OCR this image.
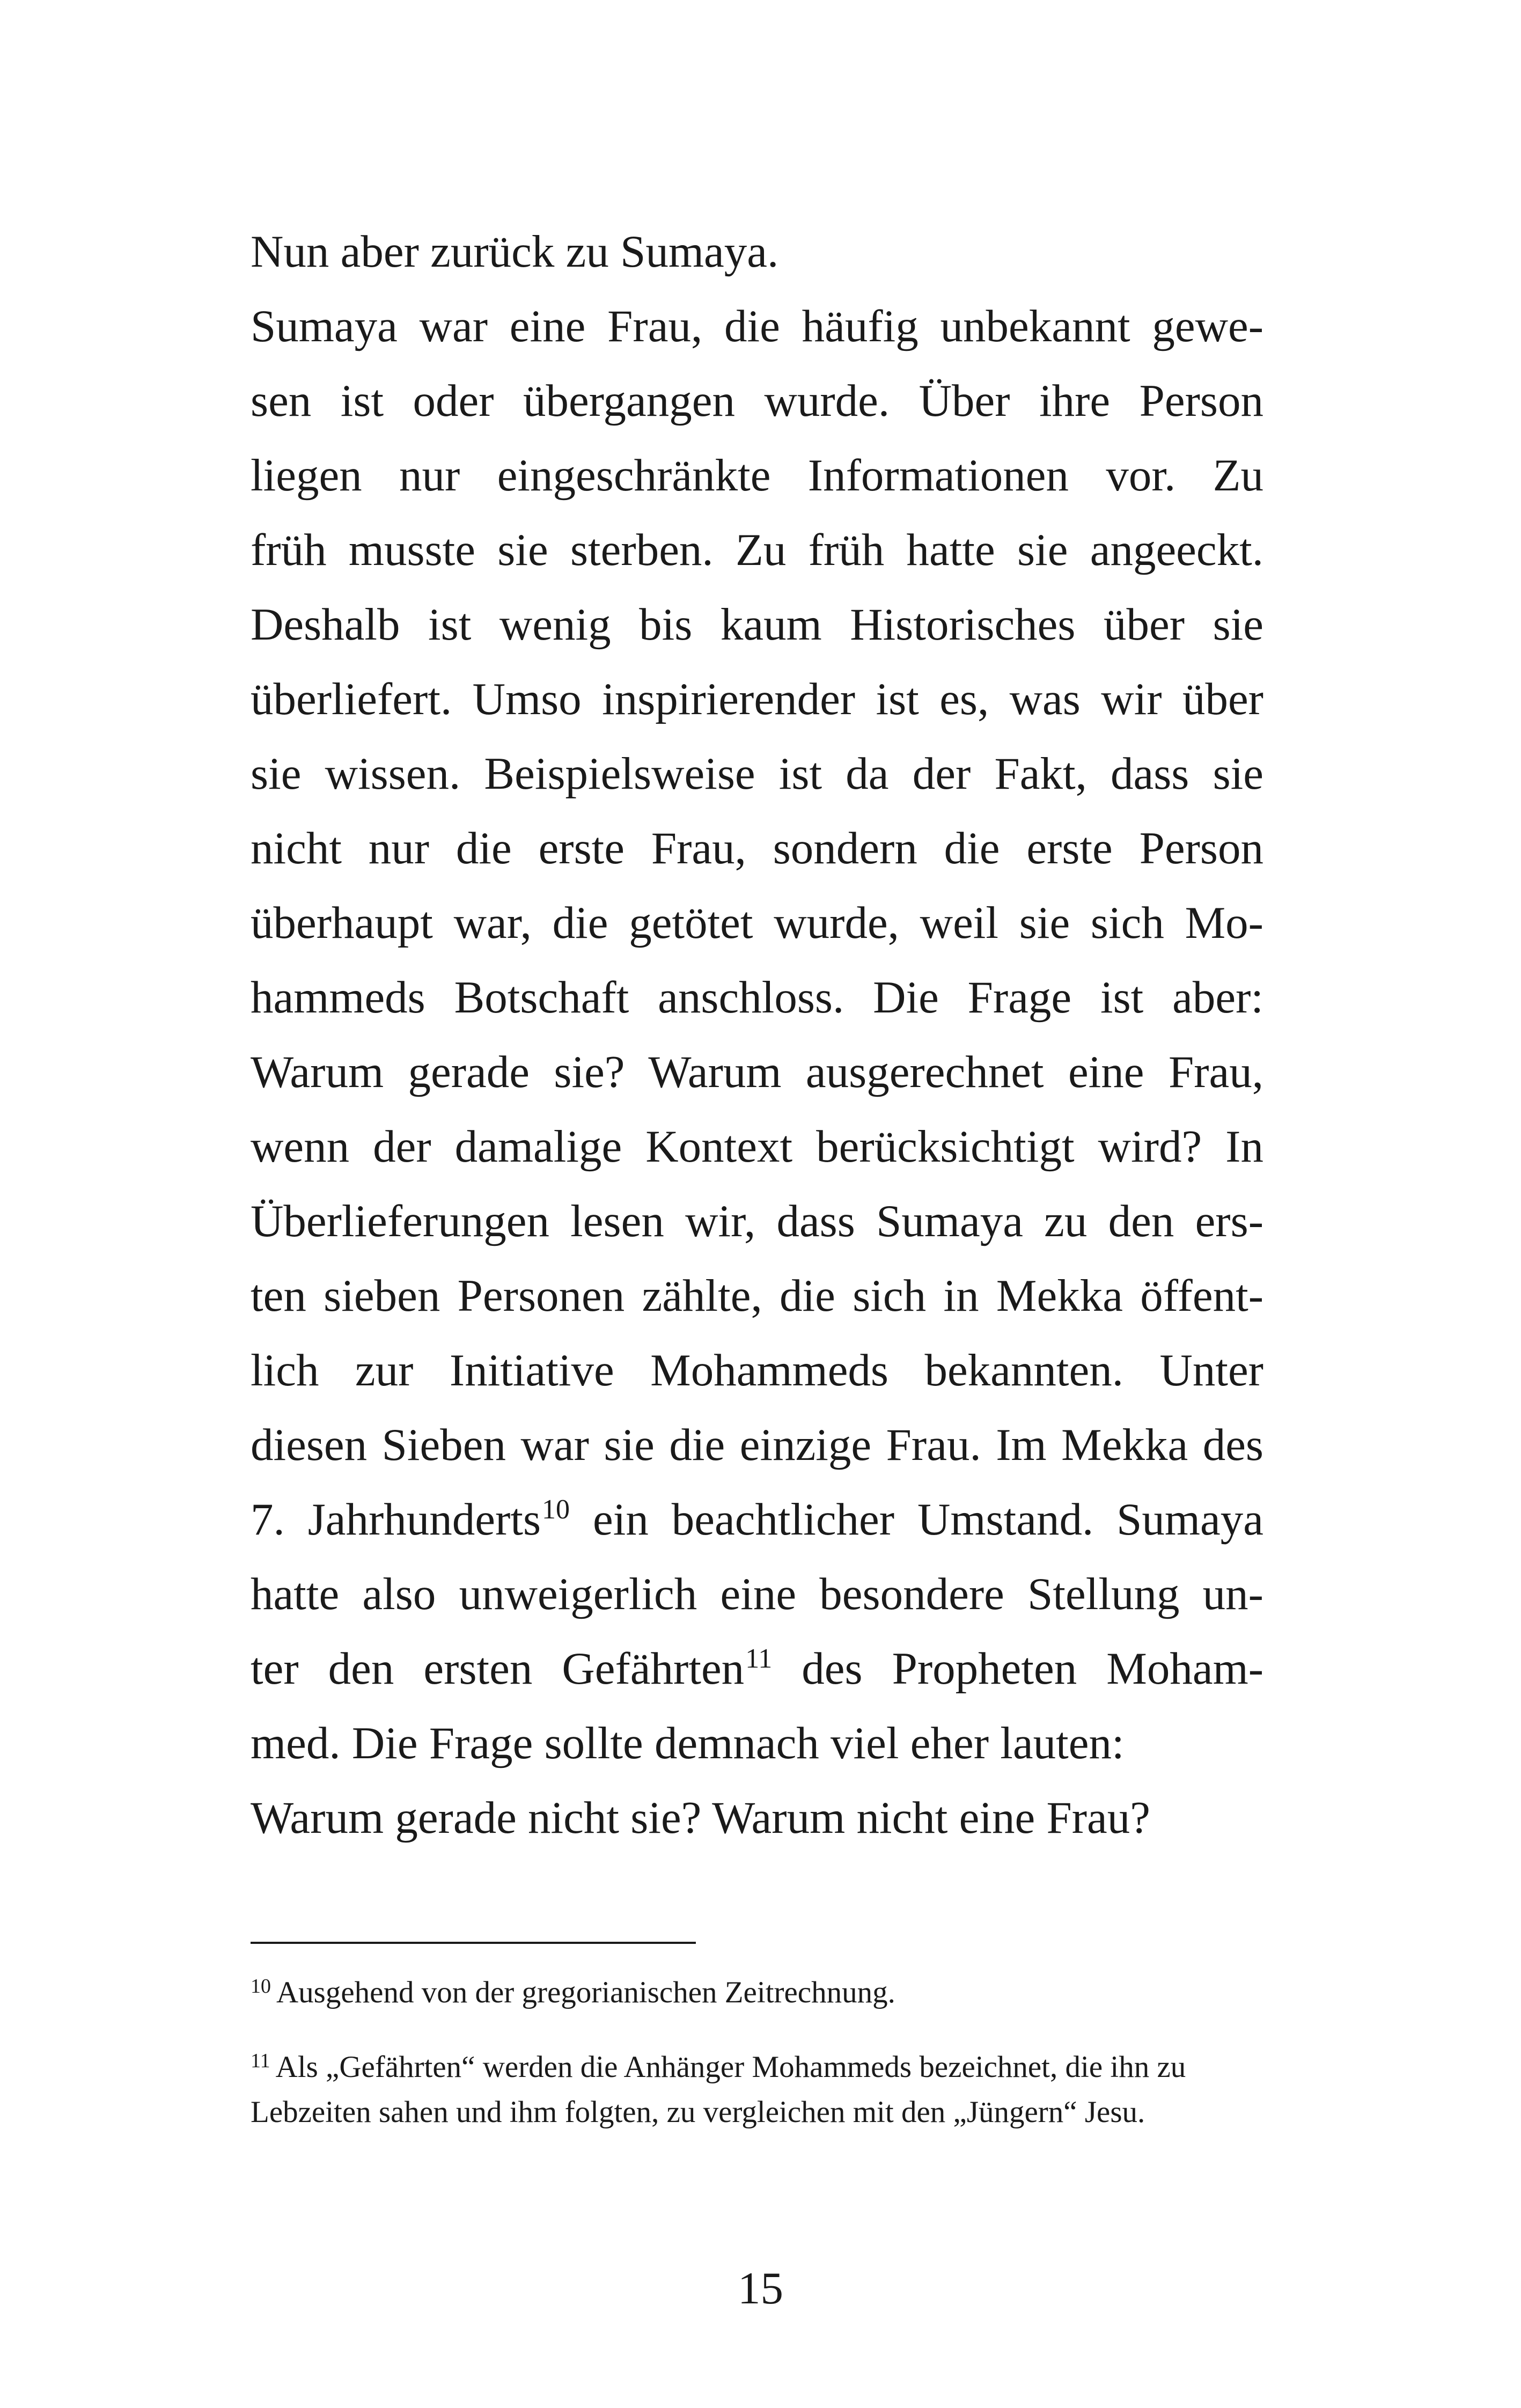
Nun aber zurück zu Sumaya.
Sumaya war eine Frau, die häufig unbekannt gewe-
sen ist oder übergangen wurde. Über ihre Person
liegen nur eingeschränkte Informationen vor. Zu
früh musste sie sterben. Zu früh hatte sie angeeckt.
Deshalb ist wenig bis kaum Historisches über sie
überliefert. Umso inspirierender ist es, was wir über
sie wissen. Beispielsweise ist da der Fakt, dass sie
nicht nur die erste Frau, sondern die erste Person
überhaupt war, die getötet wurde, weil sie sich Mo-
hammeds Botschaft anschloss. Die Frage ist aber:
Warum gerade sie? Warum ausgerechnet eine Frau,
wenn der damalige Kontext berücksichtigt wird? In
Überlieferungen lesen wir, dass Sumaya zu den ers-
ten sieben Personen zählte, die sich in Mekka öffent-
lich zur Initiative Mohammeds bekannten. Unter
diesen Sieben war sie die einzige Frau. Im Mekka des
7. Jahrhunderts$^{10}$ ein beachtlicher Umstand. Sumaya
hatte also unweigerlich eine besondere Stellung un-
ter den ersten Gefährten$^{11}$ des Propheten Moham-
med. Die Frage sollte demnach viel eher lauten:
Warum gerade nicht sie? Warum nicht eine Frau?
$^{10}$ Ausgehend von der gregorianischen Zeitrechnung.
$^{11}$ Als „Gefährten“ werden die Anhänger Mohammeds bezeichnet, die ihn zu
Lebzeiten sahen und ihm folgten, zu vergleichen mit den „Jüngern“ Jesu.
15
